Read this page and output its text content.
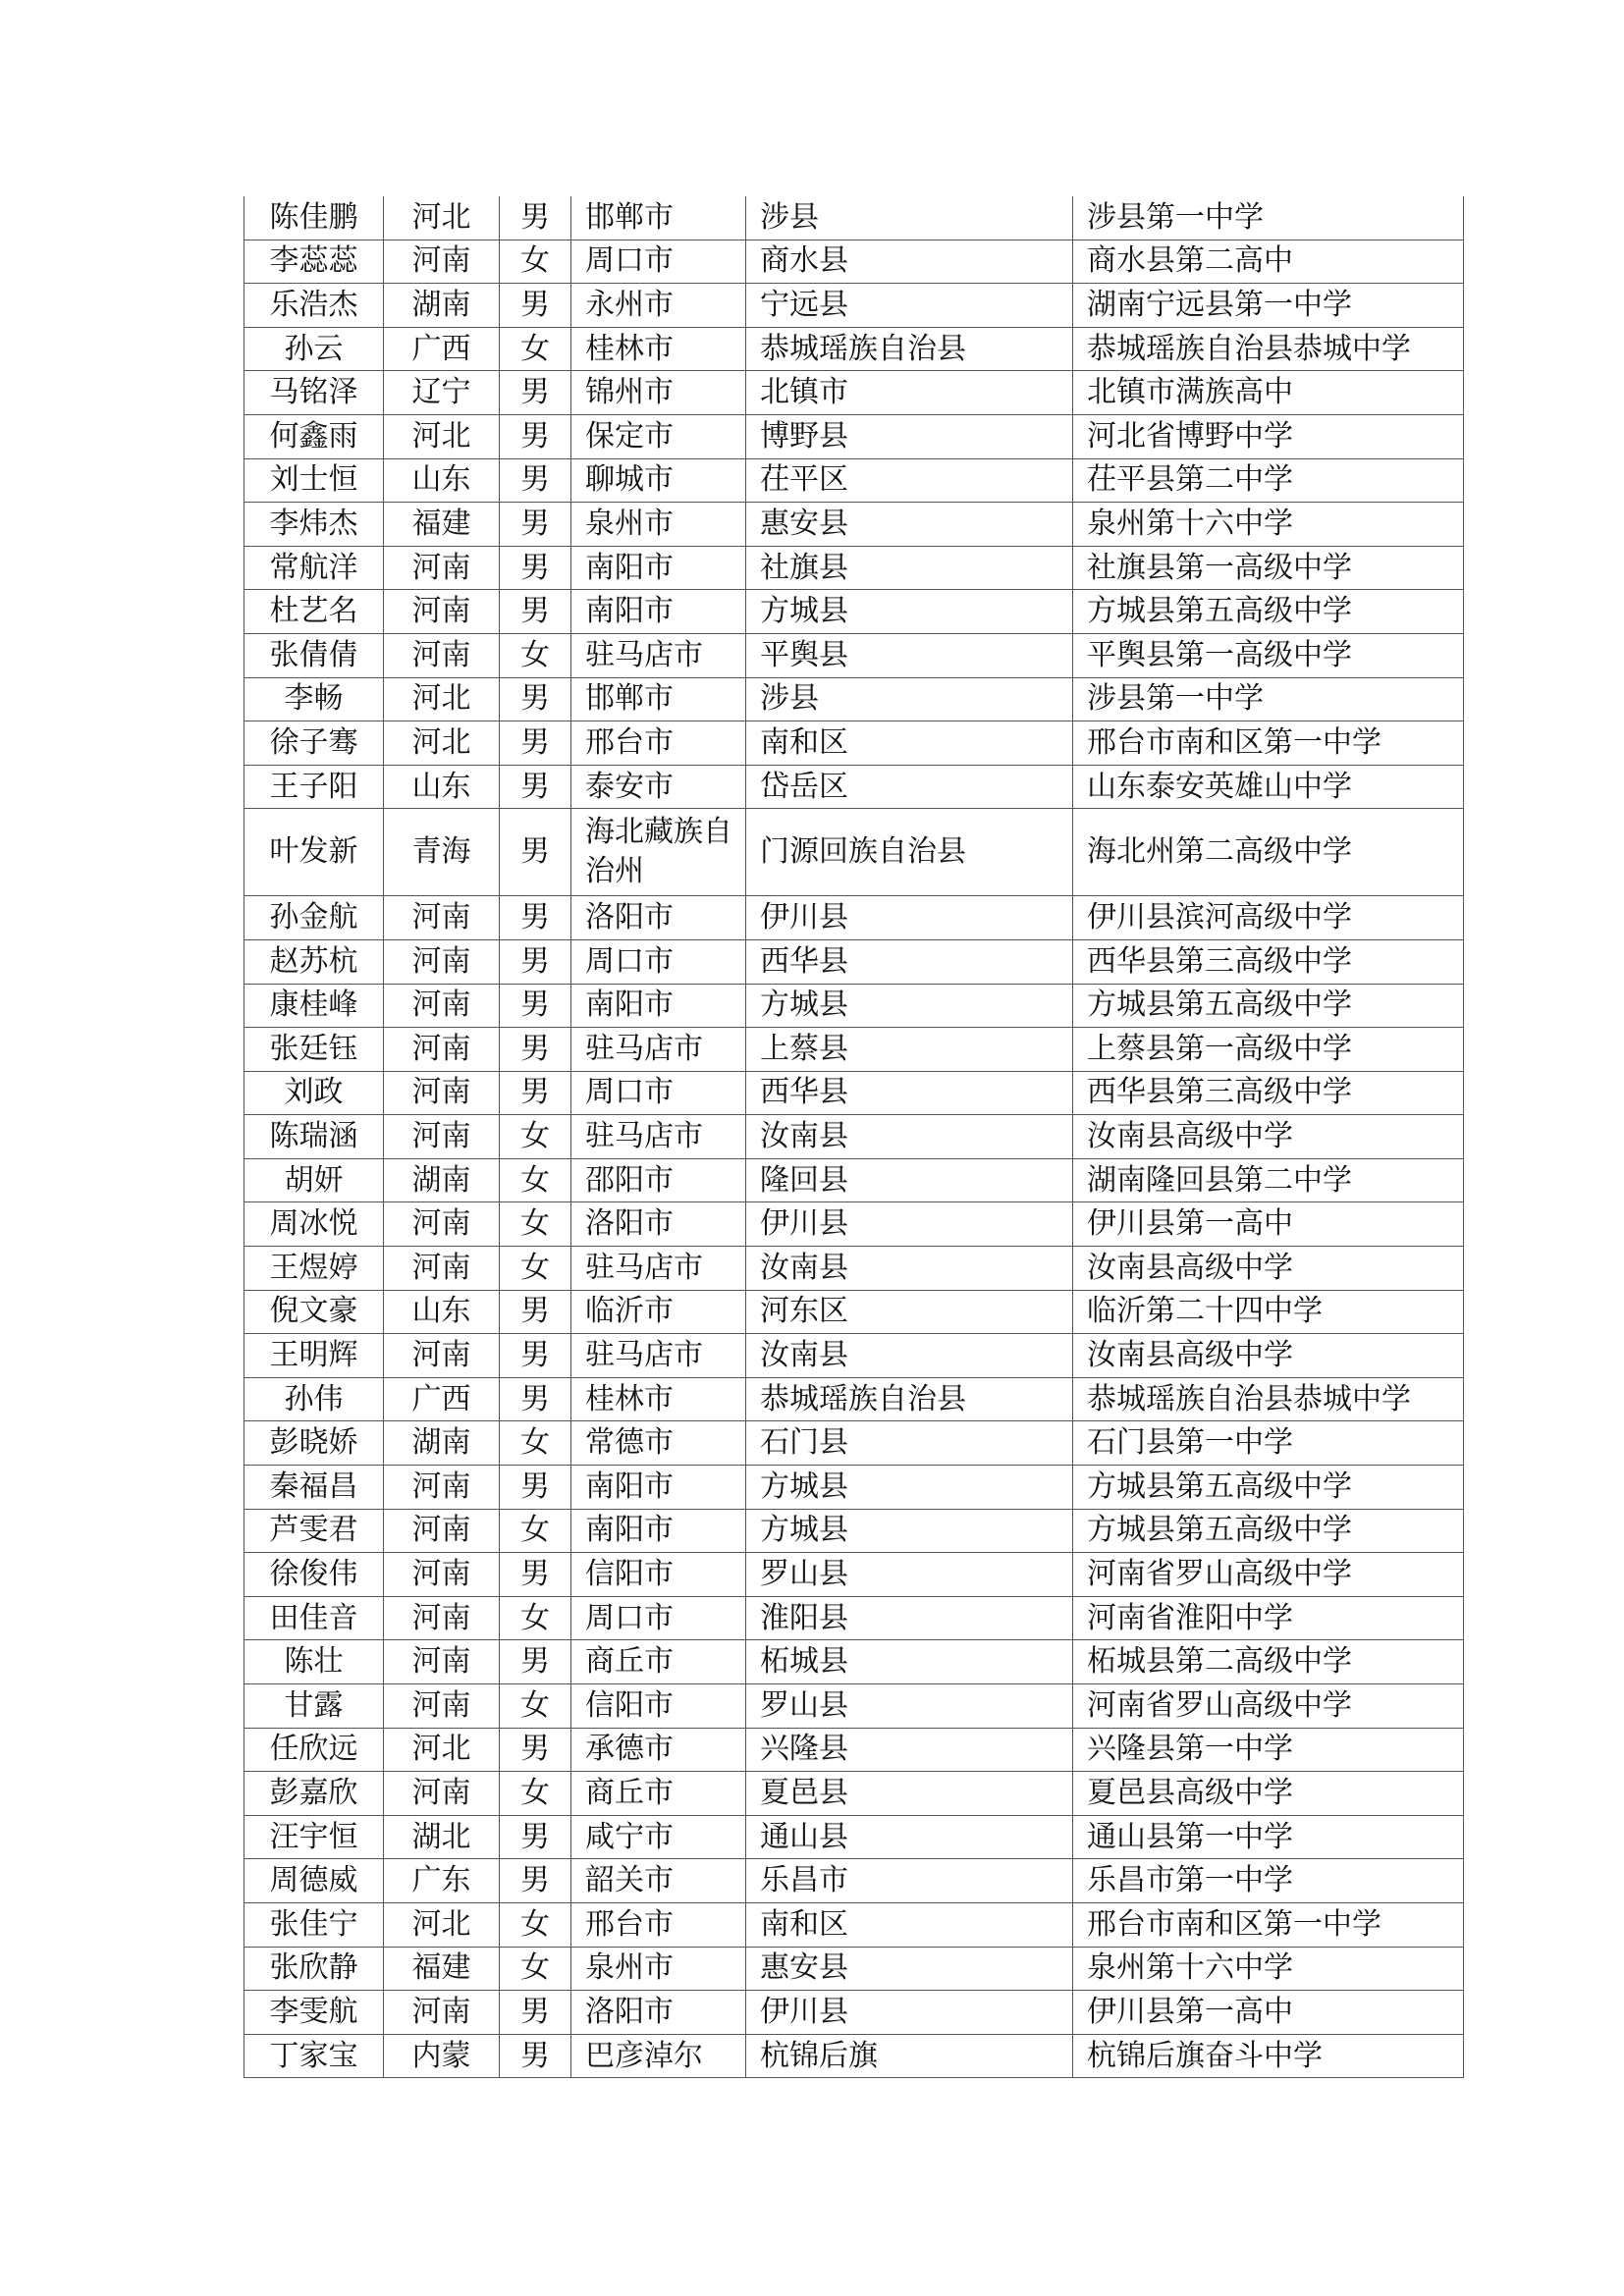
陈佳鹏	河北	男	邯郸市	涉县	涉县第一中学
李蕊蕊	河南	女	周口市	商水县	商水县第二高中
乐浩杰	湖南	男	永州市	宁远县	湖南宁远县第一中学
孙云	广西	女	桂林市	恭城瑶族自治县	恭城瑶族自治县恭城中学
马铭泽	辽宁	男	锦州市	北镇市	北镇市满族高中
何鑫雨	河北	男	保定市	博野县	河北省博野中学
刘士恒	山东	男	聊城市	茌平区	茌平县第二中学
李炜杰	福建	男	泉州市	惠安县	泉州第十六中学
常航洋	河南	男	南阳市	社旗县	社旗县第一高级中学
杜艺名	河南	男	南阳市	方城县	方城县第五高级中学
张倩倩	河南	女	驻马店市	平舆县	平舆县第一高级中学
李畅	河北	男	邯郸市	涉县	涉县第一中学
徐子骞	河北	男	邢台市	南和区	邢台市南和区第一中学
王子阳	山东	男	泰安市	岱岳区	山东泰安英雄山中学
叶发新	青海	男	海北藏族自治州	门源回族自治县	海北州第二高级中学
孙金航	河南	男	洛阳市	伊川县	伊川县滨河高级中学
赵苏杭	河南	男	周口市	西华县	西华县第三高级中学
康桂峰	河南	男	南阳市	方城县	方城县第五高级中学
张廷钰	河南	男	驻马店市	上蔡县	上蔡县第一高级中学
刘政	河南	男	周口市	西华县	西华县第三高级中学
陈瑞涵	河南	女	驻马店市	汝南县	汝南县高级中学
胡妍	湖南	女	邵阳市	隆回县	湖南隆回县第二中学
周冰悦	河南	女	洛阳市	伊川县	伊川县第一高中
王煜婷	河南	女	驻马店市	汝南县	汝南县高级中学
倪文豪	山东	男	临沂市	河东区	临沂第二十四中学
王明辉	河南	男	驻马店市	汝南县	汝南县高级中学
孙伟	广西	男	桂林市	恭城瑶族自治县	恭城瑶族自治县恭城中学
彭晓娇	湖南	女	常德市	石门县	石门县第一中学
秦福昌	河南	男	南阳市	方城县	方城县第五高级中学
芦雯君	河南	女	南阳市	方城县	方城县第五高级中学
徐俊伟	河南	男	信阳市	罗山县	河南省罗山高级中学
田佳音	河南	女	周口市	淮阳县	河南省淮阳中学
陈壮	河南	男	商丘市	柘城县	柘城县第二高级中学
甘露	河南	女	信阳市	罗山县	河南省罗山高级中学
任欣远	河北	男	承德市	兴隆县	兴隆县第一中学
彭嘉欣	河南	女	商丘市	夏邑县	夏邑县高级中学
汪宇恒	湖北	男	咸宁市	通山县	通山县第一中学
周德威	广东	男	韶关市	乐昌市	乐昌市第一中学
张佳宁	河北	女	邢台市	南和区	邢台市南和区第一中学
张欣静	福建	女	泉州市	惠安县	泉州第十六中学
李雯航	河南	男	洛阳市	伊川县	伊川县第一高中
丁家宝	内蒙	男	巴彦淖尔	杭锦后旗	杭锦后旗奋斗中学
